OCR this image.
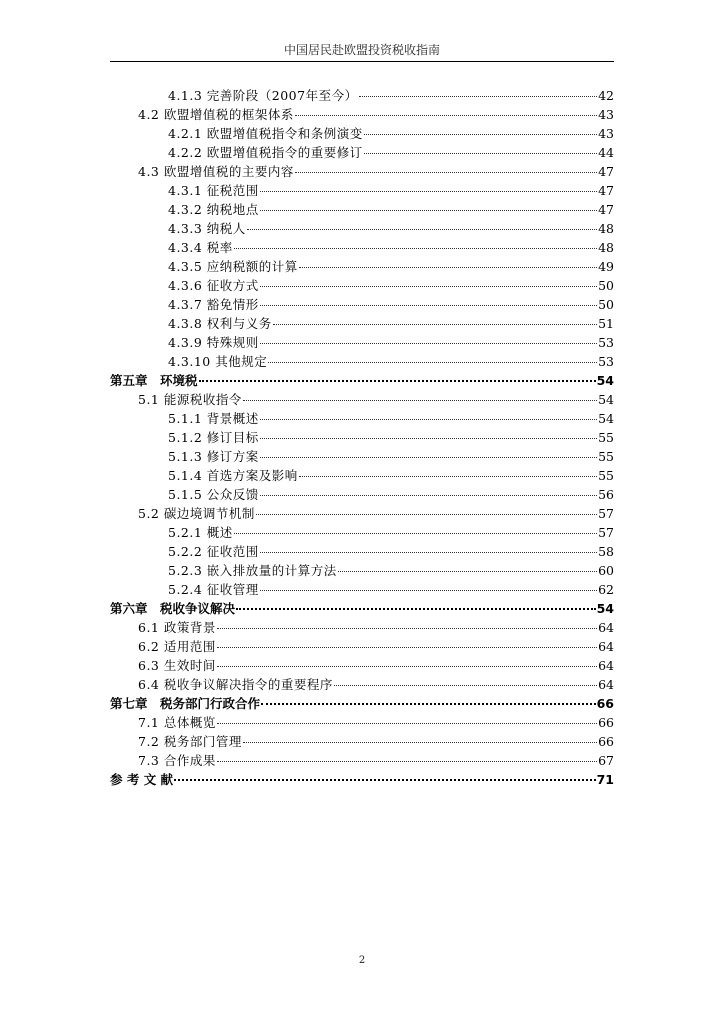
中国居民赴欧盟投资税收指南
4.1.3 完善阶段（2007年至今）	42
4.2 欧盟增值税的框架体系	43
4.2.1 欧盟增值税指令和条例演变	43
4.2.2 欧盟增值税指令的重要修订	44
4.3 欧盟增值税的主要内容	47
4.3.1 征税范围	47
4.3.2 纳税地点	47
4.3.3 纳税人	48
4.3.4 税率	48
4.3.5 应纳税额的计算	49
4.3.6 征收方式	50
4.3.7 豁免情形	50
4.3.8 权利与义务	51
4.3.9 特殊规则	53
4.3.10 其他规定	53
第五章　环境税	54
5.1 能源税收指令	54
5.1.1 背景概述	54
5.1.2 修订目标	55
5.1.3 修订方案	55
5.1.4 首选方案及影响	55
5.1.5 公众反馈	56
5.2 碳边境调节机制	57
5.2.1 概述	57
5.2.2 征收范围	58
5.2.3 嵌入排放量的计算方法	60
5.2.4 征收管理	62
第六章　税收争议解决	54
6.1 政策背景	64
6.2 适用范围	64
6.3 生效时间	64
6.4 税收争议解决指令的重要程序	64
第七章　税务部门行政合作	66
7.1 总体概览	66
7.2 税务部门管理	66
7.3 合作成果	67
参 考 文 献	71
2
